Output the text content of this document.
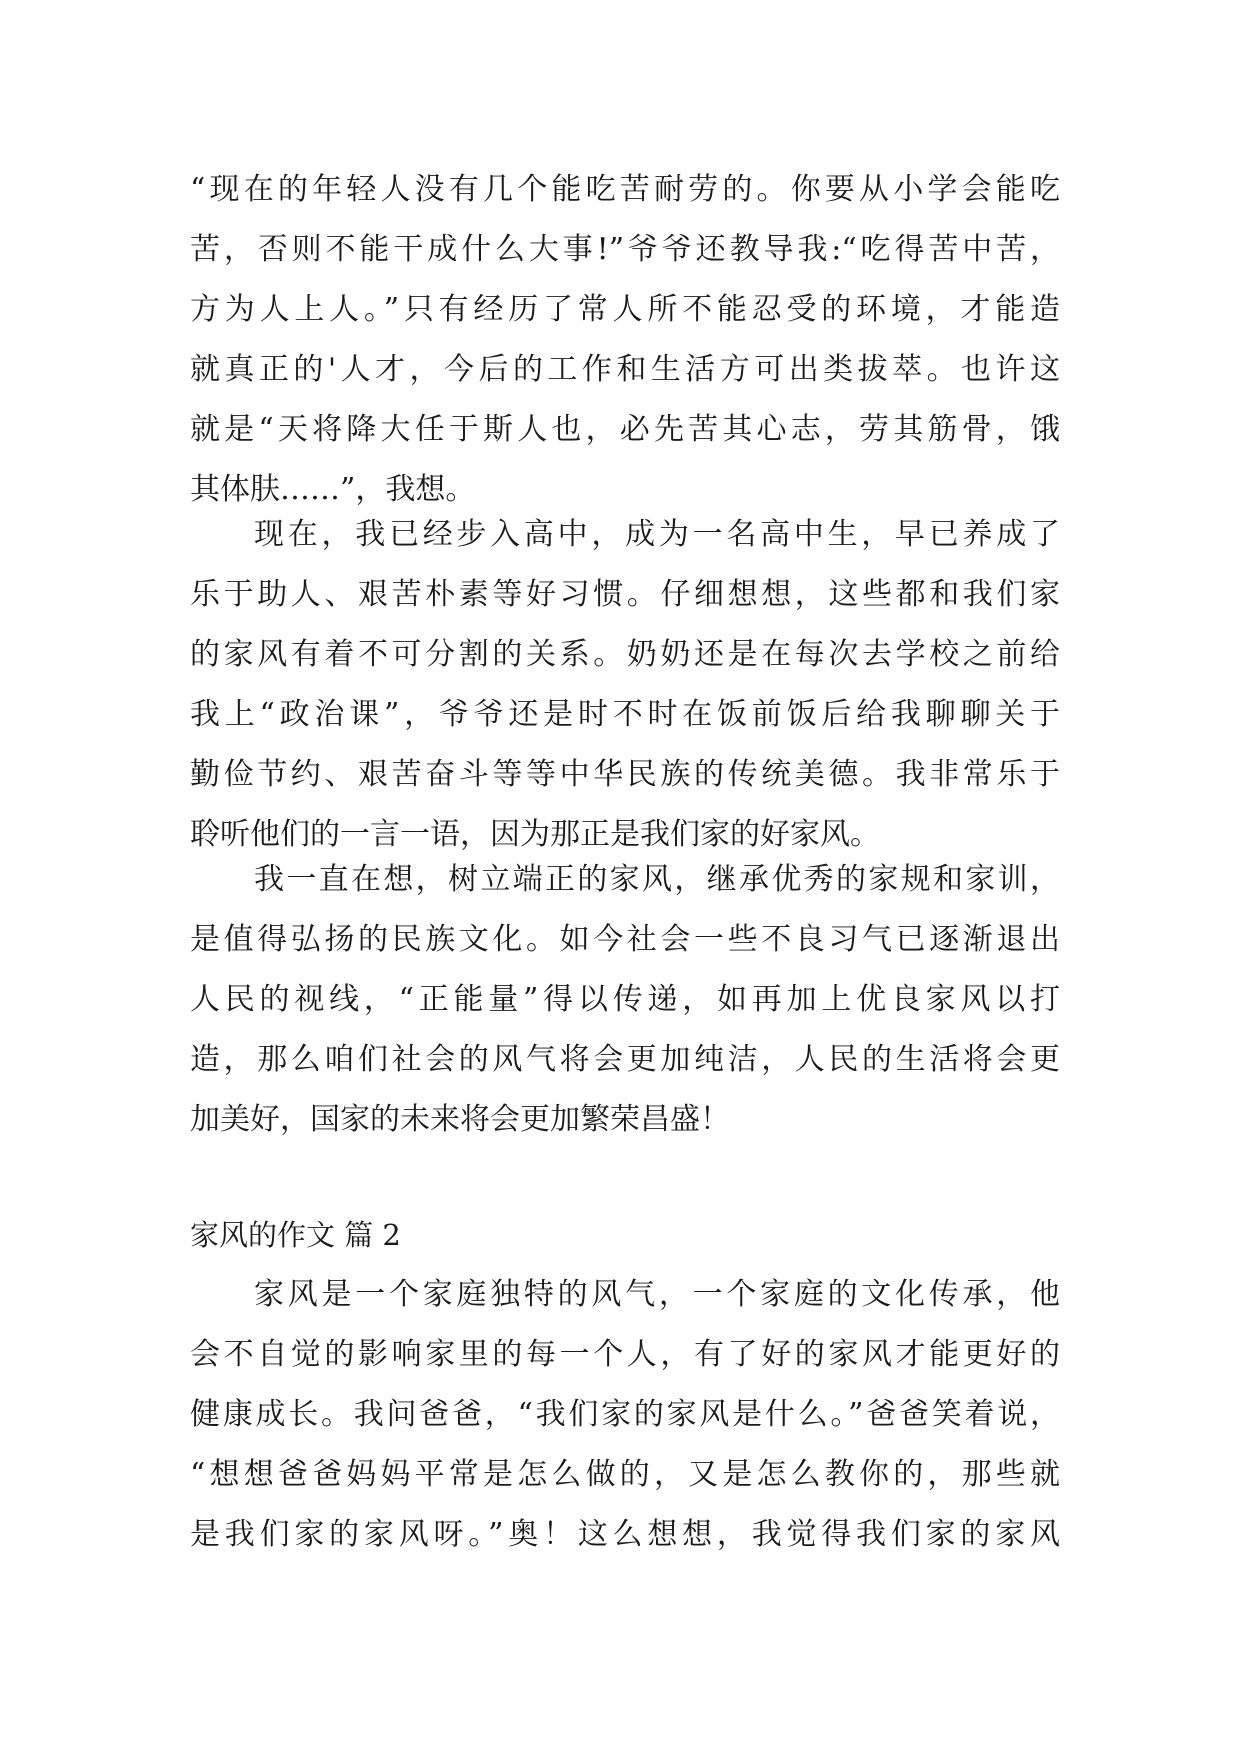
“现在的年轻人没有几个能吃苦耐劳的。你要从小学会能吃
苦，否则不能干成什么大事!”爷爷还教导我:“吃得苦中苦，
方为人上人。”只有经历了常人所不能忍受的环境，才能造
就真正的'人才，今后的工作和生活方可出类拔萃。也许这
就是“天将降大任于斯人也，必先苦其心志，劳其筋骨，饿
其体肤……”，我想。
现在，我已经步入高中，成为一名高中生，早已养成了
乐于助人、艰苦朴素等好习惯。仔细想想，这些都和我们家
的家风有着不可分割的关系。奶奶还是在每次去学校之前给
我上“政治课”，爷爷还是时不时在饭前饭后给我聊聊关于
勤俭节约、艰苦奋斗等等中华民族的传统美德。我非常乐于
聆听他们的一言一语，因为那正是我们家的好家风。
我一直在想，树立端正的家风，继承优秀的家规和家训，
是值得弘扬的民族文化。如今社会一些不良习气已逐渐退出
人民的视线，“正能量”得以传递，如再加上优良家风以打
造，那么咱们社会的风气将会更加纯洁，人民的生活将会更
加美好，国家的未来将会更加繁荣昌盛！
家风的作文 篇 2
家风是一个家庭独特的风气，一个家庭的文化传承，他
会不自觉的影响家里的每一个人，有了好的家风才能更好的
健康成长。我问爸爸，“我们家的家风是什么。”爸爸笑着说，
“想想爸爸妈妈平常是怎么做的，又是怎么教你的，那些就
是我们家的家风呀。”奥！这么想想，我觉得我们家的家风
